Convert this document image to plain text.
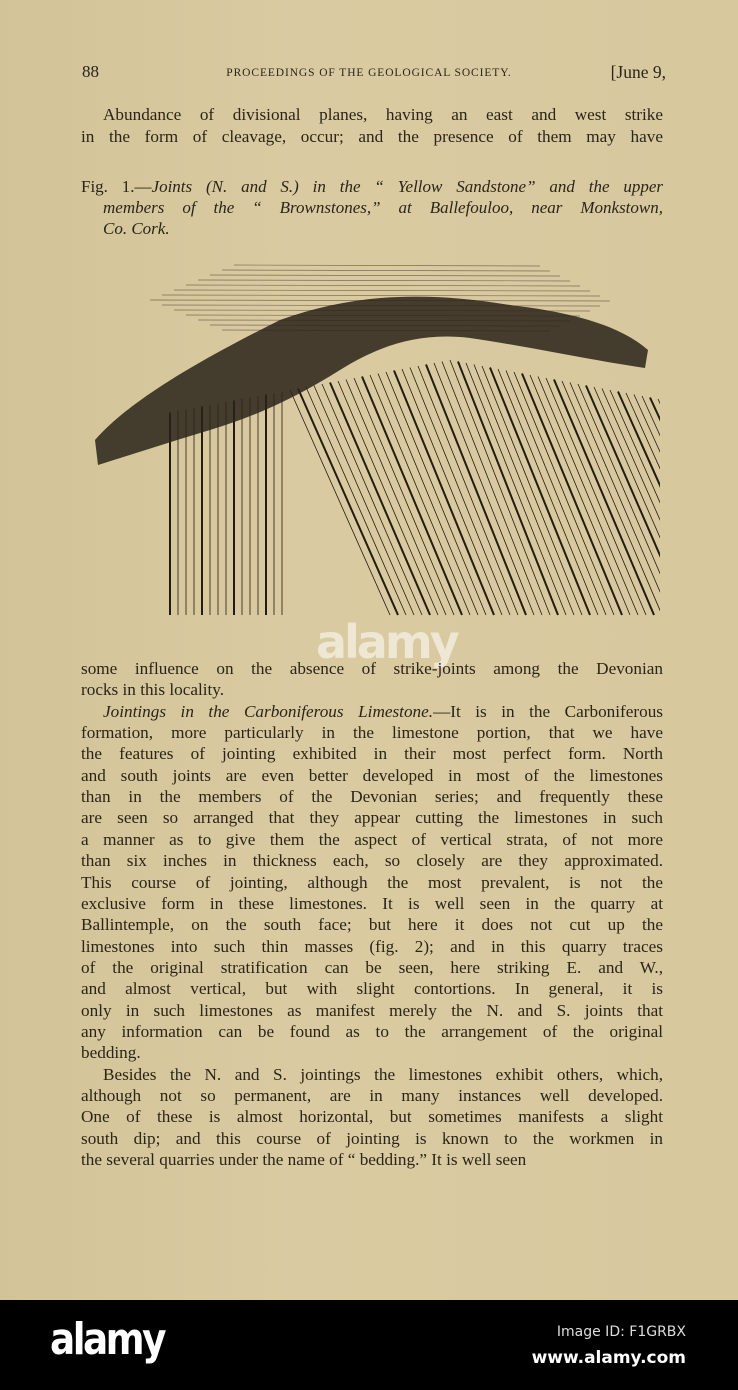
88	PROCEEDINGS OF THE GEOLOGICAL SOCIETY.	[June 9,
Abundance of divisional planes, having an east and west strike
in the form of cleavage, occur; and the presence of them may have
Fig. 1.—Joints (N. and S.) in the “ Yellow Sandstone” and the upper
members of the “ Brownstones,” at Ballefouloo, near Monkstown,
Co. Cork.
alamy
some influence on the absence of strike-joints among the Devonian
rocks in this locality.
Jointings in the Carboniferous Limestone.—It is in the Carboniferous
formation, more particularly in the limestone portion, that we have
the features of jointing exhibited in their most perfect form. North
and south joints are even better developed in most of the limestones
than in the members of the Devonian series; and frequently these
are seen so arranged that they appear cutting the limestones in such
a manner as to give them the aspect of vertical strata, of not more
than six inches in thickness each, so closely are they approximated.
This course of jointing, although the most prevalent, is not the
exclusive form in these limestones. It is well seen in the quarry at
Ballintemple, on the south face; but here it does not cut up the
limestones into such thin masses (fig. 2); and in this quarry traces
of the original stratification can be seen, here striking E. and W.,
and almost vertical, but with slight contortions. In general, it is
only in such limestones as manifest merely the N. and S. joints that
any information can be found as to the arrangement of the original
bedding.
Besides the N. and S. jointings the limestones exhibit others, which,
although not so permanent, are in many instances well developed.
One of these is almost horizontal, but sometimes manifests a slight
south dip; and this course of jointing is known to the workmen in
the several quarries under the name of “ bedding.” It is well seen
alamy	Image ID: F1GRBX
www.alamy.com
